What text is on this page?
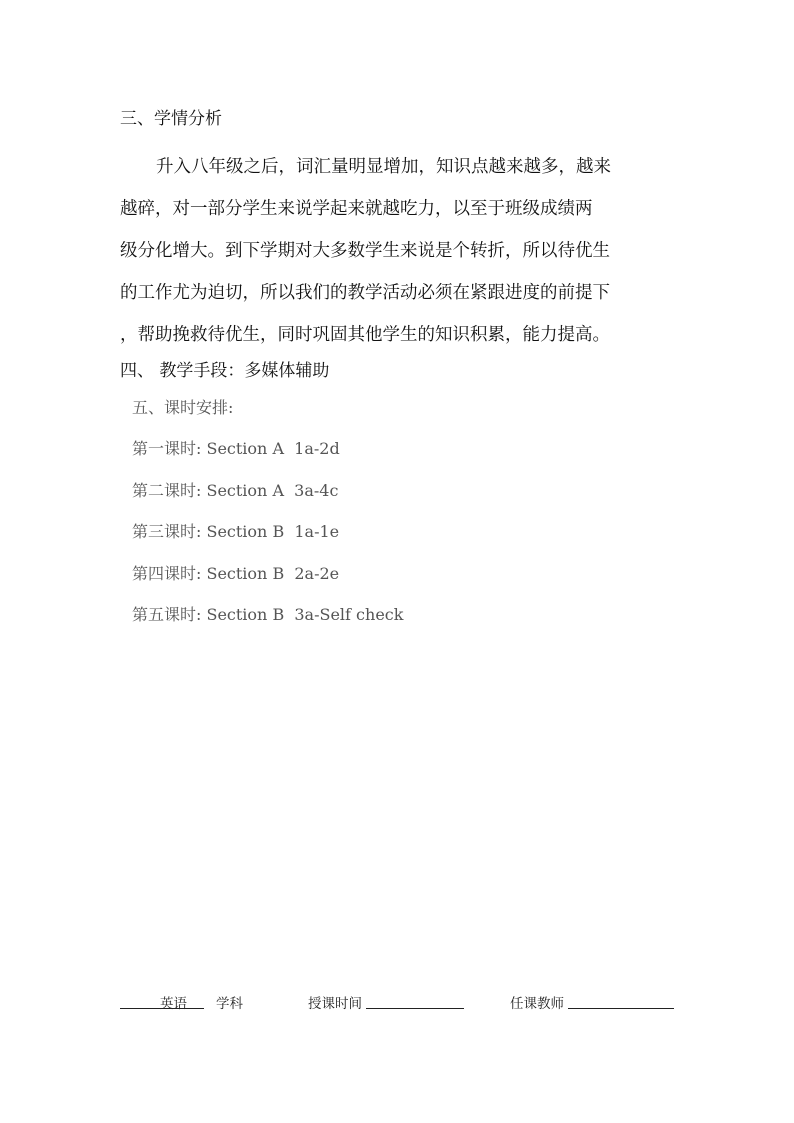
三、学情分析
升入八年级之后，词汇量明显增加，知识点越来越多，越来
越碎，对一部分学生来说学起来就越吃力，以至于班级成绩两
级分化增大。到下学期对大多数学生来说是个转折，所以待优生
的工作尤为迫切，所以我们的教学活动必须在紧跟进度的前提下
，帮助挽救待优生，同时巩固其他学生的知识积累，能力提高。
四、 教学手段：多媒体辅助
五、课时安排:
第一课时: Section A  1a-2d
第二课时: Section A  3a-4c
第三课时: Section B  1a-1e
第四课时: Section B  2a-2e
第五课时: Section B  3a-Self check
英语 学科	授课时间	任课教师
